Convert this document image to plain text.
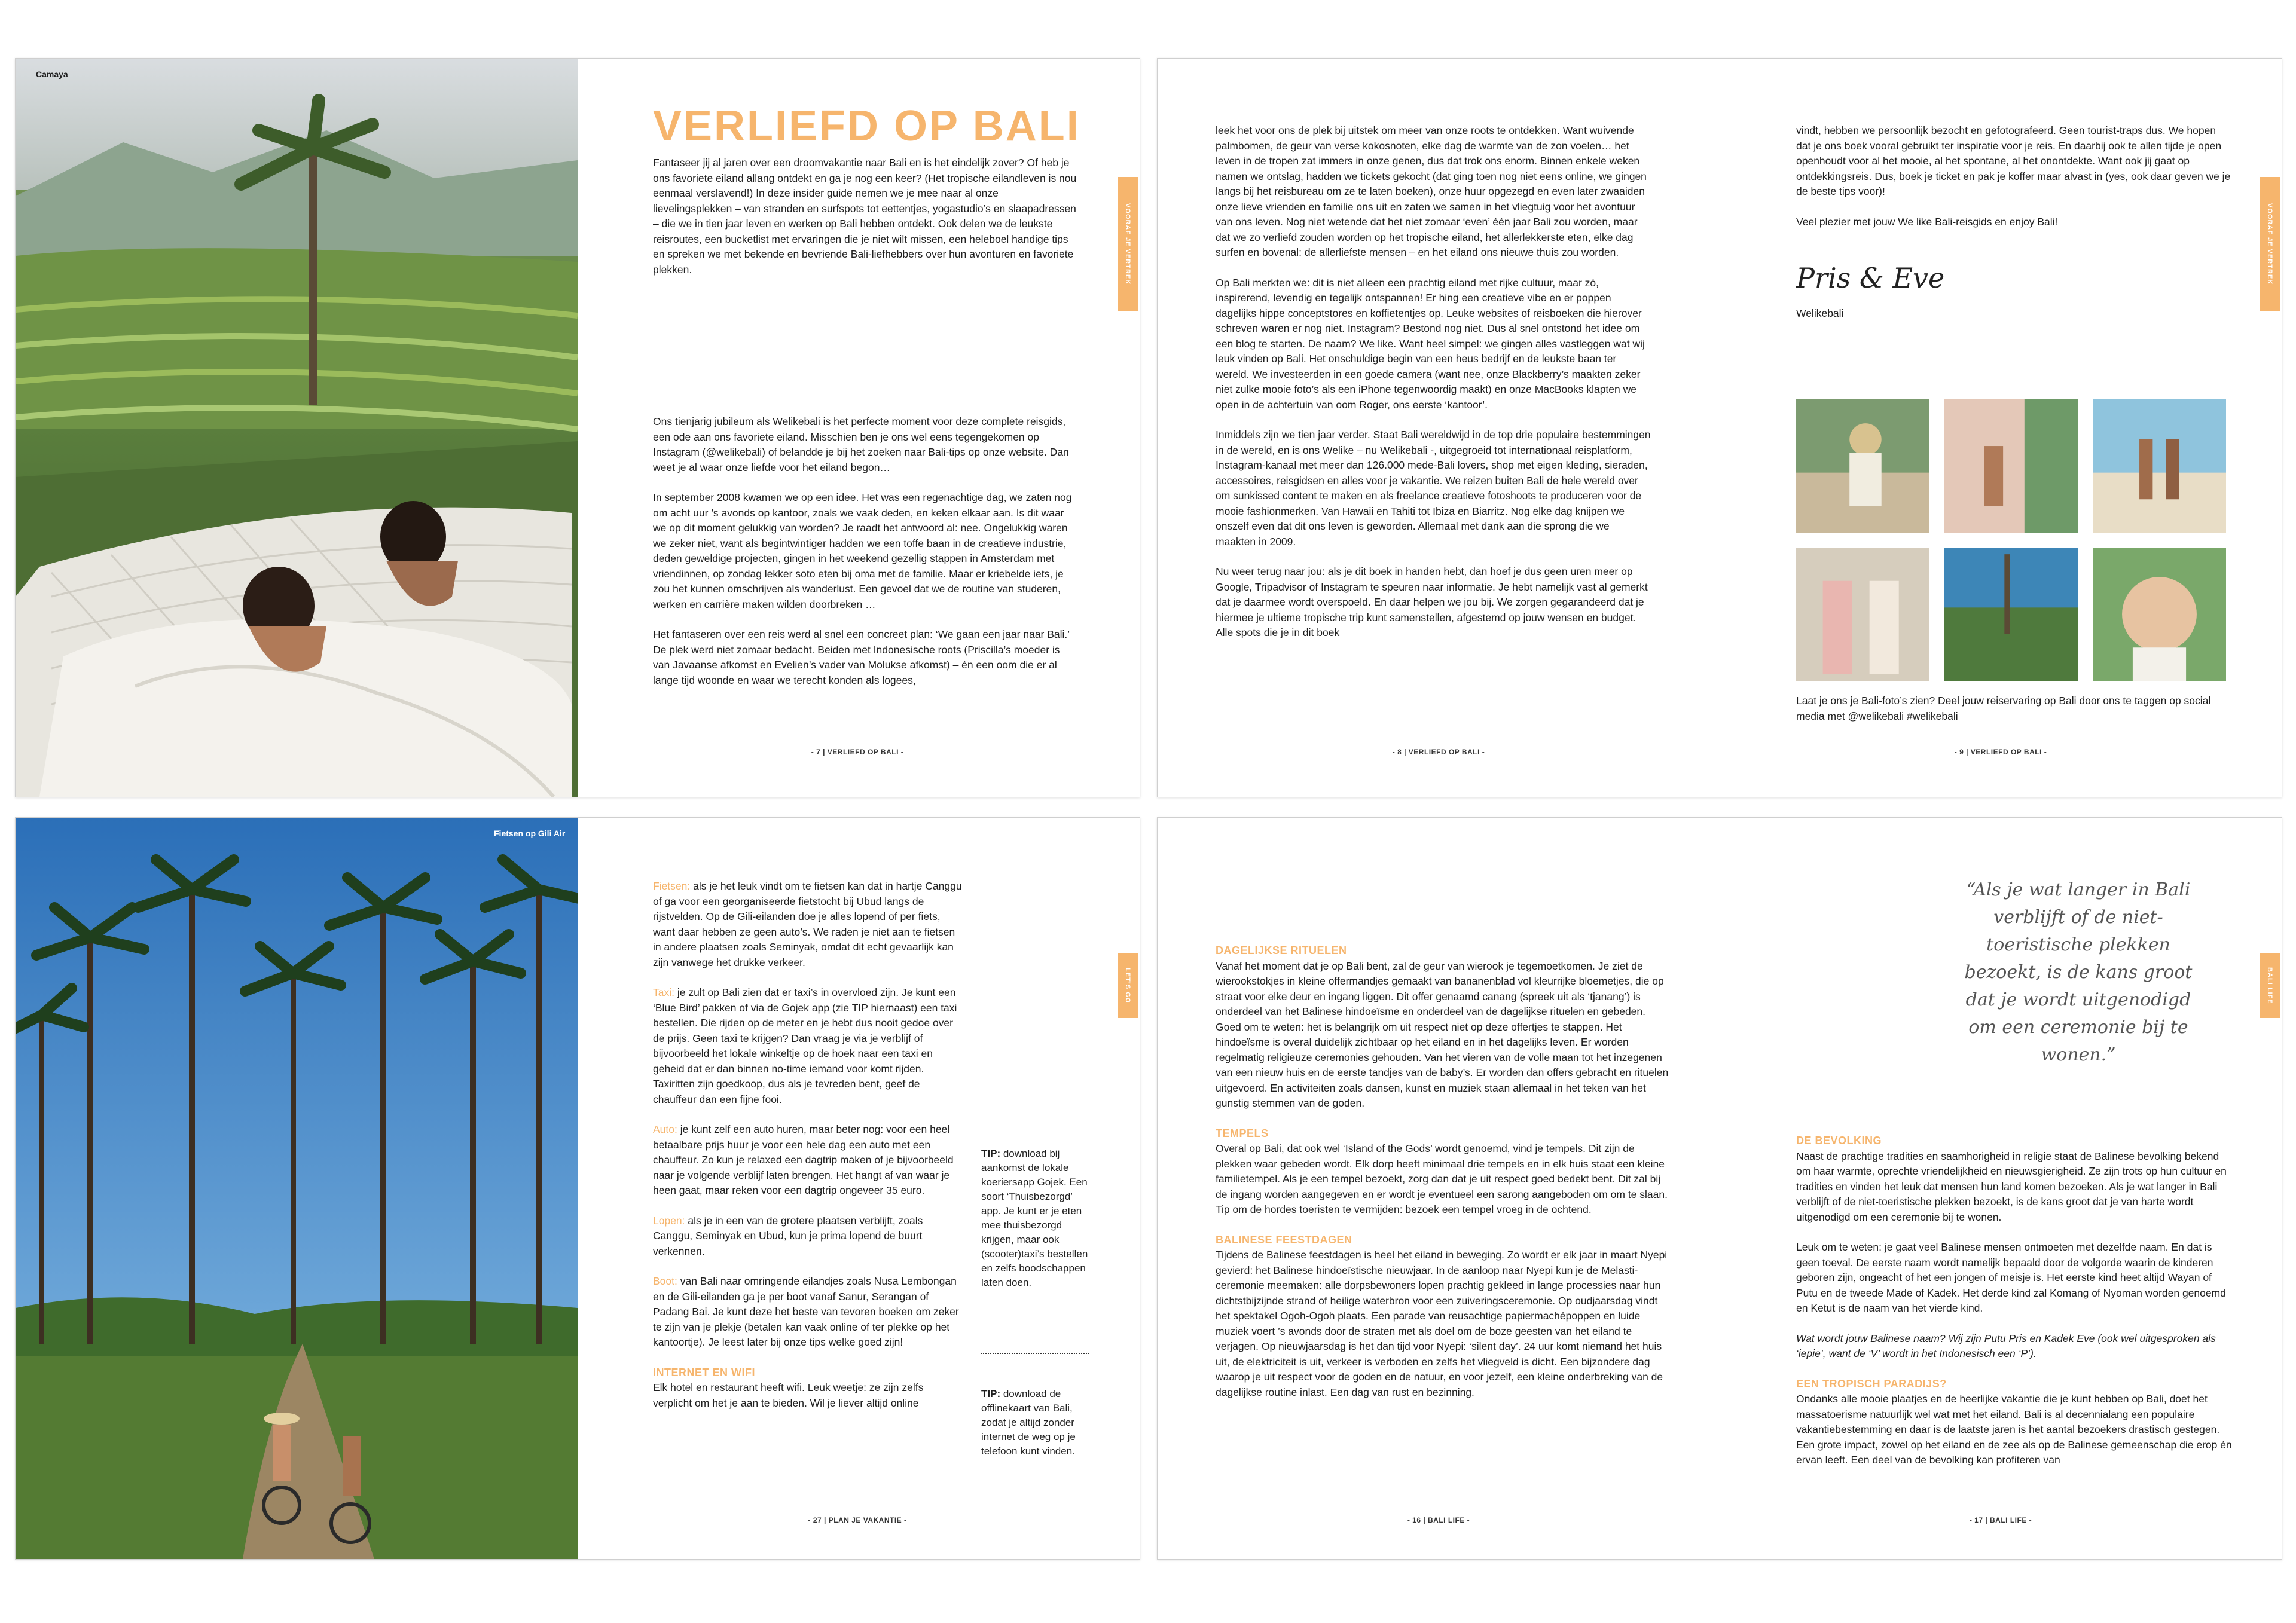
Camaya
VOORAF JE VERTREK
VERLIEFD OP BALI
Fantaseer jij al jaren over een droomvakantie naar Bali en is het eindelijk zover? Of heb je ons favoriete eiland allang ontdekt en ga je nog een keer? (Het tropische eilandleven is nou eenmaal verslavend!) In deze insider guide nemen we je mee naar al onze lievelingsplekken – van stranden en surfspots tot eettentjes, yogastudio’s en slaapadressen – die we in tien jaar leven en werken op Bali hebben ontdekt. Ook delen we de leukste reisroutes, een bucketlist met ervaringen die je niet wilt missen, een heleboel handige tips en spreken we met bekende en bevriende Bali-liefhebbers over hun avonturen en favoriete plekken.

Ons tienjarig jubileum als Welikebali is het perfecte moment voor deze complete reisgids, een ode aan ons favoriete eiland. Misschien ben je ons wel eens tegengekomen op Instagram (@welikebali) of belandde je bij het zoeken naar Bali-tips op onze website. Dan weet je al waar onze liefde voor het eiland begon…

In september 2008 kwamen we op een idee. Het was een regenachtige dag, we zaten nog om acht uur ’s avonds op kantoor, zoals we vaak deden, en keken elkaar aan. Is dit waar we op dit moment gelukkig van worden? Je raadt het antwoord al: nee. Ongelukkig waren we zeker niet, want als begintwintiger hadden we een toffe baan in de creatieve industrie, deden geweldige projecten, gingen in het weekend gezellig stappen in Amsterdam met vriendinnen, op zondag lekker soto eten bij oma met de familie. Maar er kriebelde iets, je zou het kunnen omschrijven als wanderlust. Een gevoel dat we de routine van studeren, werken en carrière maken wilden doorbreken …

Het fantaseren over een reis werd al snel een concreet plan: ‘We gaan een jaar naar Bali.’ De plek werd niet zomaar bedacht. Beiden met Indonesische roots (Priscilla’s moeder is van Javaanse afkomst en Evelien’s vader van Molukse afkomst) – én een oom die er al lange tijd woonde en waar we terecht konden als logees,

- 7 | VERLIEFD OP BALI -

leek het voor ons de plek bij uitstek om meer van onze roots te ontdekken. Want wuivende palmbomen, de geur van verse kokosnoten, elke dag de warmte van de zon voelen… het leven in de tropen zat immers in onze genen, dus dat trok ons enorm. Binnen enkele weken namen we ontslag, hadden we tickets gekocht (dat ging toen nog niet eens online, we gingen langs bij het reisbureau om ze te laten boeken), onze huur opgezegd en even later zwaaiden onze lieve vrienden en familie ons uit en zaten we samen in het vliegtuig voor het avontuur van ons leven. Nog niet wetende dat het niet zomaar ‘even’ één jaar Bali zou worden, maar dat we zo verliefd zouden worden op het tropische eiland, het allerlekkerste eten, elke dag surfen en bovenal: de allerliefste mensen – en het eiland ons nieuwe thuis zou worden.

Op Bali merkten we: dit is niet alleen een prachtig eiland met rijke cultuur, maar zó, inspirerend, levendig en tegelijk ontspannen! Er hing een creatieve vibe en er poppen dagelijks hippe conceptstores en koffietentjes op. Leuke websites of reisboeken die hierover schreven waren er nog niet. Instagram? Bestond nog niet. Dus al snel ontstond het idee om een blog te starten. De naam? We like. Want heel simpel: we gingen alles vastleggen wat wij leuk vinden op Bali. Het onschuldige begin van een heus bedrijf en de leukste baan ter wereld. We investeerden in een goede camera (want nee, onze Blackberry’s maakten zeker niet zulke mooie foto’s als een iPhone tegenwoordig maakt) en onze MacBooks klapten we open in de achtertuin van oom Roger, ons eerste ‘kantoor’.

Inmiddels zijn we tien jaar verder. Staat Bali wereldwijd in de top drie populaire bestemmingen in de wereld, en is ons Welike – nu Welikebali -, uitgegroeid tot internationaal reisplatform, Instagram-kanaal met meer dan 126.000 mede-Bali lovers, shop met eigen kleding, sieraden, accessoires, reisgidsen en alles voor je vakantie. We reizen buiten Bali de hele wereld over om sunkissed content te maken en als freelance creatieve fotoshoots te produceren voor de mooie fashionmerken. Van Hawaii en Tahiti tot Ibiza en Biarritz. Nog elke dag knijpen we onszelf even dat dit ons leven is geworden. Allemaal met dank aan die sprong die we maakten in 2009.

Nu weer terug naar jou: als je dit boek in handen hebt, dan hoef je dus geen uren meer op Google, Tripadvisor of Instagram te speuren naar informatie. Je hebt namelijk vast al gemerkt dat je daarmee wordt overspoeld. En daar helpen we jou bij. We zorgen gegarandeerd dat je hiermee je ultieme tropische trip kunt samenstellen, afgestemd op jouw wensen en budget. Alle spots die je in dit boek

vindt, hebben we persoonlijk bezocht en gefotografeerd. Geen tourist-traps dus. We hopen dat je ons boek vooral gebruikt ter inspiratie voor je reis. En daarbij ook te allen tijde je open openhoudt voor al het mooie, al het spontane, al het onontdekte. Want ook jij gaat op ontdekkingsreis. Dus, boek je ticket en pak je koffer maar alvast in (yes, ook daar geven we je de beste tips voor)!

Veel plezier met jouw We like Bali-reisgids en enjoy Bali!	VOORAF JE VERTREK
Pris & Eve
Welikebali
Laat je ons je Bali-foto’s zien? Deel jouw reiservaring op Bali door ons te taggen op social media met @welikebali #welikebali
- 8 | VERLIEFD OP BALI -	- 9 | VERLIEFD OP BALI -
Fietsen op Gili Air
LET’S GO

Fietsen: als je het leuk vindt om te fietsen kan dat in hartje Canggu of ga voor een georganiseerde fietstocht bij Ubud langs de rijstvelden. Op de Gili-eilanden doe je alles lopend of per fiets, want daar hebben ze geen auto’s. We raden je niet aan te fietsen in andere plaatsen zoals Seminyak, omdat dit echt gevaarlijk kan zijn vanwege het drukke verkeer.

Taxi: je zult op Bali zien dat er taxi’s in overvloed zijn. Je kunt een ‘Blue Bird’ pakken of via de Gojek app (zie TIP hiernaast) een taxi bestellen. Die rijden op de meter en je hebt dus nooit gedoe over de prijs. Geen taxi te krijgen? Dan vraag je via je verblijf of bijvoorbeeld het lokale winkeltje op de hoek naar een taxi en geheid dat er dan binnen no-time iemand voor komt rijden. Taxiritten zijn goedkoop, dus als je tevreden bent, geef de chauffeur dan een fijne fooi.

Auto: je kunt zelf een auto huren, maar beter nog: voor een heel betaalbare prijs huur je voor een hele dag een auto met een chauffeur. Zo kun je relaxed een dagtrip maken of je bijvoorbeeld naar je volgende verblijf laten brengen. Het hangt af van waar je heen gaat, maar reken voor een dagtrip ongeveer 35 euro.

Lopen: als je in een van de grotere plaatsen verblijft, zoals Canggu, Seminyak en Ubud, kun je prima lopend de buurt verkennen.

Boot: van Bali naar omringende eilandjes zoals Nusa Lembongan en de Gili-eilanden ga je per boot vanaf Sanur, Serangan of Padang Bai. Je kunt deze het beste van tevoren boeken om zeker te zijn van je plekje (betalen kan vaak online of ter plekke op het kantoortje). Je leest later bij onze tips welke goed zijn!

INTERNET EN WIFI

Elk hotel en restaurant heeft wifi. Leuk weetje: ze zijn zelfs verplicht om het je aan te bieden. Wil je liever altijd online

TIP: download bij aankomst de lokale koeriersapp Gojek. Een soort ‘Thuisbezorgd’ app. Je kunt er je eten mee thuisbezorgd krijgen, maar ook (scooter)taxi’s bestellen en zelfs boodschappen laten doen.
TIP: download de offlinekaart van Bali, zodat je altijd zonder internet de weg op je telefoon kunt vinden.
- 27 | PLAN JE VAKANTIE -
DAGELIJKSE RITUELEN

Vanaf het moment dat je op Bali bent, zal de geur van wierook je tegemoetkomen. Je ziet de wierookstokjes in kleine offermandjes gemaakt van bananenblad vol kleurrijke bloemetjes, die op straat voor elke deur en ingang liggen. Dit offer genaamd canang (spreek uit als ‘tjanang’) is onderdeel van het Balinese hindoeïsme en onderdeel van de dagelijkse rituelen en gebeden. Goed om te weten: het is belangrijk om uit respect niet op deze offertjes te stappen. Het hindoeïsme is overal duidelijk zichtbaar op het eiland en in het dagelijks leven. Er worden regelmatig religieuze ceremonies gehouden. Van het vieren van de volle maan tot het inzegenen van een nieuw huis en de eerste tandjes van de baby’s. Er worden dan offers gebracht en rituelen uitgevoerd. En activiteiten zoals dansen, kunst en muziek staan allemaal in het teken van het gunstig stemmen van de goden.

TEMPELS

Overal op Bali, dat ook wel ‘Island of the Gods’ wordt genoemd, vind je tempels. Dit zijn de plekken waar gebeden wordt. Elk dorp heeft minimaal drie tempels en in elk huis staat een kleine familietempel. Als je een tempel bezoekt, zorg dan dat je uit respect goed bedekt bent. Dit zal bij de ingang worden aangegeven en er wordt je eventueel een sarong aangeboden om om te slaan. Tip om de hordes toeristen te vermijden: bezoek een tempel vroeg in de ochtend.

BALINESE FEESTDAGEN

Tijdens de Balinese feestdagen is heel het eiland in beweging. Zo wordt er elk jaar in maart Nyepi gevierd: het Balinese hindoeïstische nieuwjaar. In de aanloop naar Nyepi kun je de Melasti-ceremonie meemaken: alle dorpsbewoners lopen prachtig gekleed in lange processies naar hun dichtstbijzijnde strand of heilige waterbron voor een zuiveringsceremonie. Op oudjaarsdag vindt het spektakel Ogoh-Ogoh plaats. Een parade van reusachtige papiermachépoppen en luide muziek voert ’s avonds door de straten met als doel om de boze geesten van het eiland te verjagen. Op nieuwjaarsdag is het dan tijd voor Nyepi: ‘silent day’. 24 uur komt niemand het huis uit, de elektriciteit is uit, verkeer is verboden en zelfs het vliegveld is dicht. Een bijzondere dag waarop je uit respect voor de goden en de natuur, en voor jezelf, een kleine onderbreking van de dagelijkse routine inlast. Een dag van rust en bezinning.

BALI LIFE
“Als je wat langer in Bali verblijft of de niet-toeristische plekken bezoekt, is de kans groot dat je wordt uitgenodigd om een ceremonie bij te wonen.”
DE BEVOLKING

Naast de prachtige tradities en saamhorigheid in religie staat de Balinese bevolking bekend om haar warmte, oprechte vriendelijkheid en nieuwsgierigheid. Ze zijn trots op hun cultuur en tradities en vinden het leuk dat mensen hun land komen bezoeken. Als je wat langer in Bali verblijft of de niet-toeristische plekken bezoekt, is de kans groot dat je van harte wordt uitgenodigd om een ceremonie bij te wonen.

Leuk om te weten: je gaat veel Balinese mensen ontmoeten met dezelfde naam. En dat is geen toeval. De eerste naam wordt namelijk bepaald door de volgorde waarin de kinderen geboren zijn, ongeacht of het een jongen of meisje is. Het eerste kind heet altijd Wayan of Putu en de tweede Made of Kadek. Het derde kind zal Komang of Nyoman worden genoemd en Ketut is de naam van het vierde kind.

Wat wordt jouw Balinese naam? Wij zijn Putu Pris en Kadek Eve (ook wel uitgesproken als ‘iepie’, want de ‘V’ wordt in het Indonesisch een ‘P’).

EEN TROPISCH PARADIJS?

Ondanks alle mooie plaatjes en de heerlijke vakantie die je kunt hebben op Bali, doet het massatoerisme natuurlijk wel wat met het eiland. Bali is al decennialang een populaire vakantiebestemming en daar is de laatste jaren is het aantal bezoekers drastisch gestegen. Een grote impact, zowel op het eiland en de zee als op de Balinese gemeenschap die erop én ervan leeft. Een deel van de bevolking kan profiteren van

- 16 | BALI LIFE -	- 17 | BALI LIFE -
